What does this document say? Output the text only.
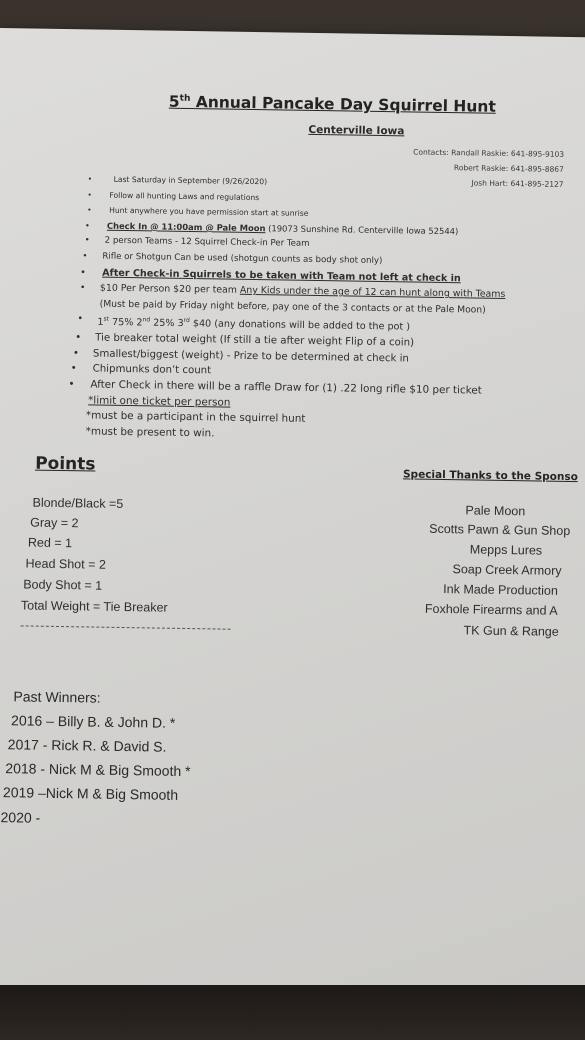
5th Annual Pancake Day Squirrel Hunt
Centerville Iowa
Contacts: Randall Raskie: 641-895-9103
Robert Raskie: 641-895-8867
Josh Hart: 641-895-2127
•	Last Saturday in September (9/26/2020)
• Follow all hunting Laws and regulations
• Hunt anywhere you have permission start at sunrise
• Check In @ 11:00am @ Pale Moon (19073 Sunshine Rd. Centerville Iowa 52544)
• 2 person Teams - 12 Squirrel Check-in Per Team
• Rifle or Shotgun Can be used (shotgun counts as body shot only)
• After Check-in Squirrels to be taken with Team not left at check in
• $10 Per Person $20 per team Any Kids under the age of 12 can hunt along with Teams
(Must be paid by Friday night before, pay one of the 3 contacts or at the Pale Moon)
• 1st 75% 2nd 25% 3rd $40 (any donations will be added to the pot )
• Tie breaker total weight (If still a tie after weight Flip of a coin)
• Smallest/biggest (weight) - Prize to be determined at check in
• Chipmunks don’t count
• After Check in there will be a raffle Draw for (1) .22 long rifle $10 per ticket
*limit one ticket per person
*must be a participant in the squirrel hunt
*must be present to win.
Points
Special Thanks to the Sponso
Blonde/Black =5
Gray = 2
Red = 1
Head Shot = 2
Body Shot = 1
Total Weight = Tie Breaker
Pale Moon
Scotts Pawn & Gun Shop
Mepps Lures
Soap Creek Armory
Ink Made Production
Foxhole Firearms and A
TK Gun & Range
Past Winners:
2016 – Billy B. & John D. *
2017 - Rick R. & David S.
2018 - Nick M & Big Smooth *
2019 –Nick M & Big Smooth
2020 -
